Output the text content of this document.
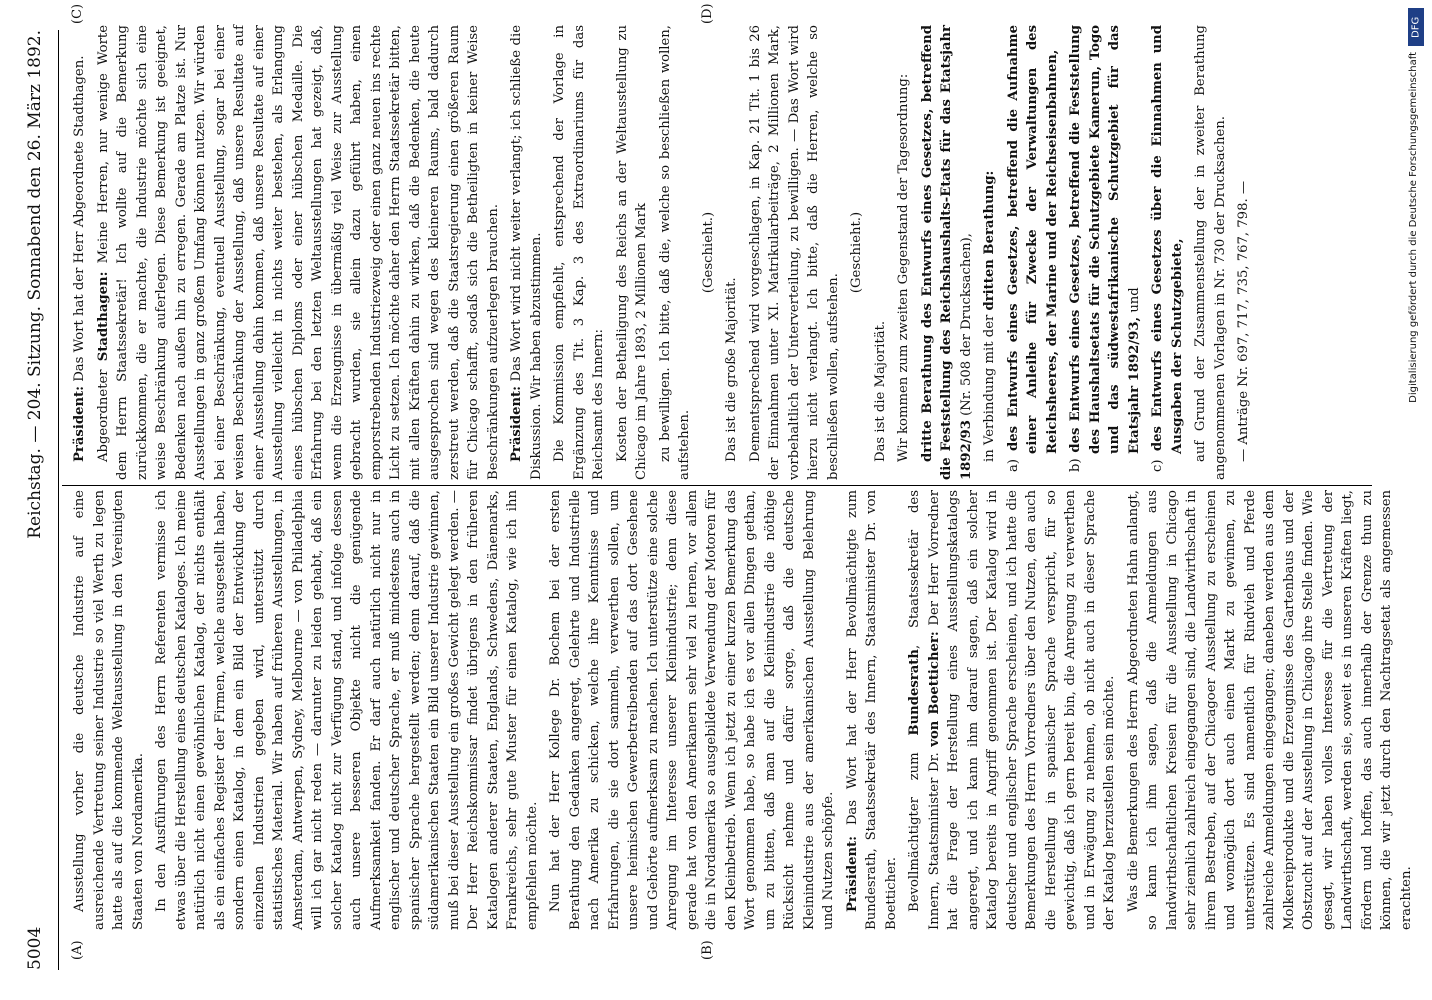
5004
Reichstag. — 204. Sitzung. Sonnabend den 26. März 1892.
(A)	(B)
(C)	(D)

Ausstellung vorher die deutsche Industrie auf eine ausreichende Vertretung seiner Industrie so viel Werth zu legen hatte als auf die kommende Weltausstellung in den Vereinigten Staaten von Nordamerika. In den Ausführungen des Herrn Referenten vermisse ich etwas über die Herstellung eines deutschen Kataloges. Ich meine natürlich nicht einen gewöhnlichen Katalog, der nichts enthält als ein einfaches Register der Firmen, welche ausgestellt haben, sondern einen Katalog, in dem ein Bild der Entwicklung der einzelnen Industrien gegeben wird, unterstützt durch statistisches Material. Wir haben auf früheren Ausstellungen, in Amsterdam, Antwerpen, Sydney, Melbourne — von Philadelphia will ich gar nicht reden — darunter zu leiden gehabt, daß ein solcher Katalog nicht zur Verfügung stand, und infolge dessen auch unsere besseren Objekte nicht die genügende Aufmerksamkeit fanden. Er darf auch natürlich nicht nur in englischer und deutscher Sprache, er muß mindestens auch in spanischer Sprache hergestellt werden; denn darauf, daß die südamerikanischen Staaten ein Bild unserer Industrie gewinnen, muß bei dieser Ausstellung ein großes Gewicht gelegt werden. — Der Herr Reichskommissar findet übrigens in den früheren Katalogen anderer Staaten, Englands, Schwedens, Dänemarks, Frankreichs, sehr gute Muster für einen Katalog, wie ich ihn empfehlen möchte. Nun hat der Herr Kollege Dr. Bochem bei der ersten Berathung den Gedanken angeregt, Gelehrte und Industrielle nach Amerika zu schicken, welche ihre Kenntnisse und Erfahrungen, die sie dort sammeln, verwerthen sollen, um unsere heimischen Gewerbetreibenden auf das dort Gesehene und Gehörte aufmerksam zu machen. Ich unterstütze eine solche Anregung im Interesse unserer Kleinindustrie; denn diese gerade hat von den Amerikanern sehr viel zu lernen, vor allem die in Nordamerika so ausgebildete Verwendung der Motoren für den Kleinbetrieb. Wenn ich jetzt zu einer kurzen Bemerkung das Wort genommen habe, so habe ich es vor allen Dingen gethan, um zu bitten, daß man auf die Kleinindustrie die nöthige Rücksicht nehme und dafür sorge, daß die deutsche Kleinindustrie aus der amerikanischen Ausstellung Belehrung und Nutzen schöpfe. Präsident: Das Wort hat der Herr Bevollmächtigte zum Bundesrath, Staatssekretär des Innern, Staatsminister Dr. von Boetticher. Bevollmächtigter zum Bundesrath, Staatssekretär des Innern, Staatsminister Dr. von Boetticher: Der Herr Vorredner hat die Frage der Herstellung eines Ausstellungskatalogs angeregt, und ich kann ihm darauf sagen, daß ein solcher Katalog bereits in Angriff genommen ist. Der Katalog wird in deutscher und englischer Sprache erscheinen, und ich hatte die Bemerkungen des Herrn Vorredners über den Nutzen, den auch die Herstellung in spanischer Sprache verspricht, für so gewichtig, daß ich gern bereit bin, die Anregung zu verwerthen und in Erwägung zu nehmen, ob nicht auch in dieser Sprache der Katalog herzustellen sein möchte. Was die Bemerkungen des Herrn Abgeordneten Hahn anlangt, so kann ich ihm sagen, daß die Anmeldungen aus landwirthschaftlichen Kreisen für die Ausstellung in Chicago sehr ziemlich zahlreich eingegangen sind, die Landwirthschaft in ihrem Bestreben, auf der Chicagoer Ausstellung zu erscheinen und womöglich dort auch einen Markt zu gewinnen, zu unterstützen. Es sind namentlich für Rindvieh und Pferde zahlreiche Anmeldungen eingegangen; daneben werden aus dem Molkereiprodukte und die Erzeugnisse des Gartenbaus und der Obstzucht auf der Ausstellung in Chicago ihre Stelle finden. Wie gesagt, wir haben volles Interesse für die Vertretung der Landwirthschaft, werden sie, soweit es in unseren Kräften liegt, fördern und hoffen, das auch innerhalb der Grenze thun zu können, die wir jetzt durch den Nachtragsetat als angemessen erachten.

Präsident: Das Wort hat der Herr Abgeordnete Stadthagen.

Abgeordneter Stadthagen: Meine Herren, nur wenige Worte dem Herrn Staatssekretär! Ich wollte auf die Bemerkung zurückkommen, die er machte, die Industrie möchte sich eine weise Beschränkung auferlegen. Diese Bemerkung ist geeignet, Bedenken nach außen hin zu erregen. Gerade am Platze ist. Nur Ausstellungen in ganz großem Umfang können nutzen. Wir würden bei einer Beschränkung, eventuell Ausstellung, sogar bei einer weisen Beschränkung der Ausstellung, daß unsere Resultate auf einer Ausstellung dahin kommen, daß unsere Resultate auf einer Ausstellung vielleicht in nichts weiter bestehen, als Erlangung eines hübschen Diploms oder einer hübschen Medaille. Die Erfahrung bei den letzten Weltausstellungen hat gezeigt, daß, wenn die Erzeugnisse in übermäßig viel Weise zur Ausstellung gebracht wurden, sie allein dazu geführt haben, einen emporstrebenden Industriezweig oder einen ganz neuen ins rechte Licht zu setzen. Ich möchte daher den Herrn Staatssekretär bitten, mit allen Kräften dahin zu wirken, daß die Bedenken, die heute ausgesprochen sind wegen des kleineren Raums, bald dadurch zerstreut werden, daß die Staatsregierung einen größeren Raum für Chicago schafft, sodaß sich die Betheiligten in keiner Weise Beschränkungen aufzuerlegen brauchen. Präsident: Das Wort wird nicht weiter verlangt; ich schließe die Diskussion. Wir haben abzustimmen. Die Kommission empfiehlt, entsprechend der Vorlage in Ergänzung des Tit. 3 Kap. 3 des Extraordinariums für das Reichsamt des Innern: Kosten der Betheiligung des Reichs an der Weltausstellung zu Chicago im Jahre 1893, 2 Millionen Mark zu bewilligen. Ich bitte, daß die, welche so beschließen wollen, aufstehen.

(Geschieht.)

Das ist die große Majorität. Dementsprechend wird vorgeschlagen, in Kap. 21 Tit. 1 bis 26 der Einnahmen unter XI. Matrikularbeiträge, 2 Millionen Mark, vorbehaltlich der Unterverteilung, zu bewilligen. — Das Wort wird hierzu nicht verlangt. Ich bitte, daß die Herren, welche so beschließen wollen, aufstehen.

(Geschieht.)

Das ist die Majorität. Wir kommen zum zweiten Gegenstand der Tagesordnung: dritte Berathung des Entwurfs eines Gesetzes, betreffend die Feststellung des Reichshaushalts-Etats für das Etatsjahr 1892/93 (Nr. 508 der Drucksachen), in Verbindung mit der dritten Berathung:

a) des Entwurfs eines Gesetzes, betreffend die Aufnahme einer Anleihe für Zwecke der Verwaltungen des Reichsheeres, der Marine und der Reichseisenbahnen,

b) des Entwurfs eines Gesetzes, betreffend die Feststellung des Haushaltsetats für die Schutzgebiete Kamerun, Togo und das südwestafrikanische Schutzgebiet für das Etatsjahr 1892/93, und

c) des Entwurfs eines Gesetzes über die Einnahmen und Ausgaben der Schutzgebiete, auf Grund der Zusammenstellung der in zweiter Berathung angenommenen Vorlagen in Nr. 730 der Drucksachen. — Anträge Nr. 697, 717, 735, 767, 798. —

DFG
Digitalisierung gefördert durch die Deutsche Forschungsgemeinschaft
